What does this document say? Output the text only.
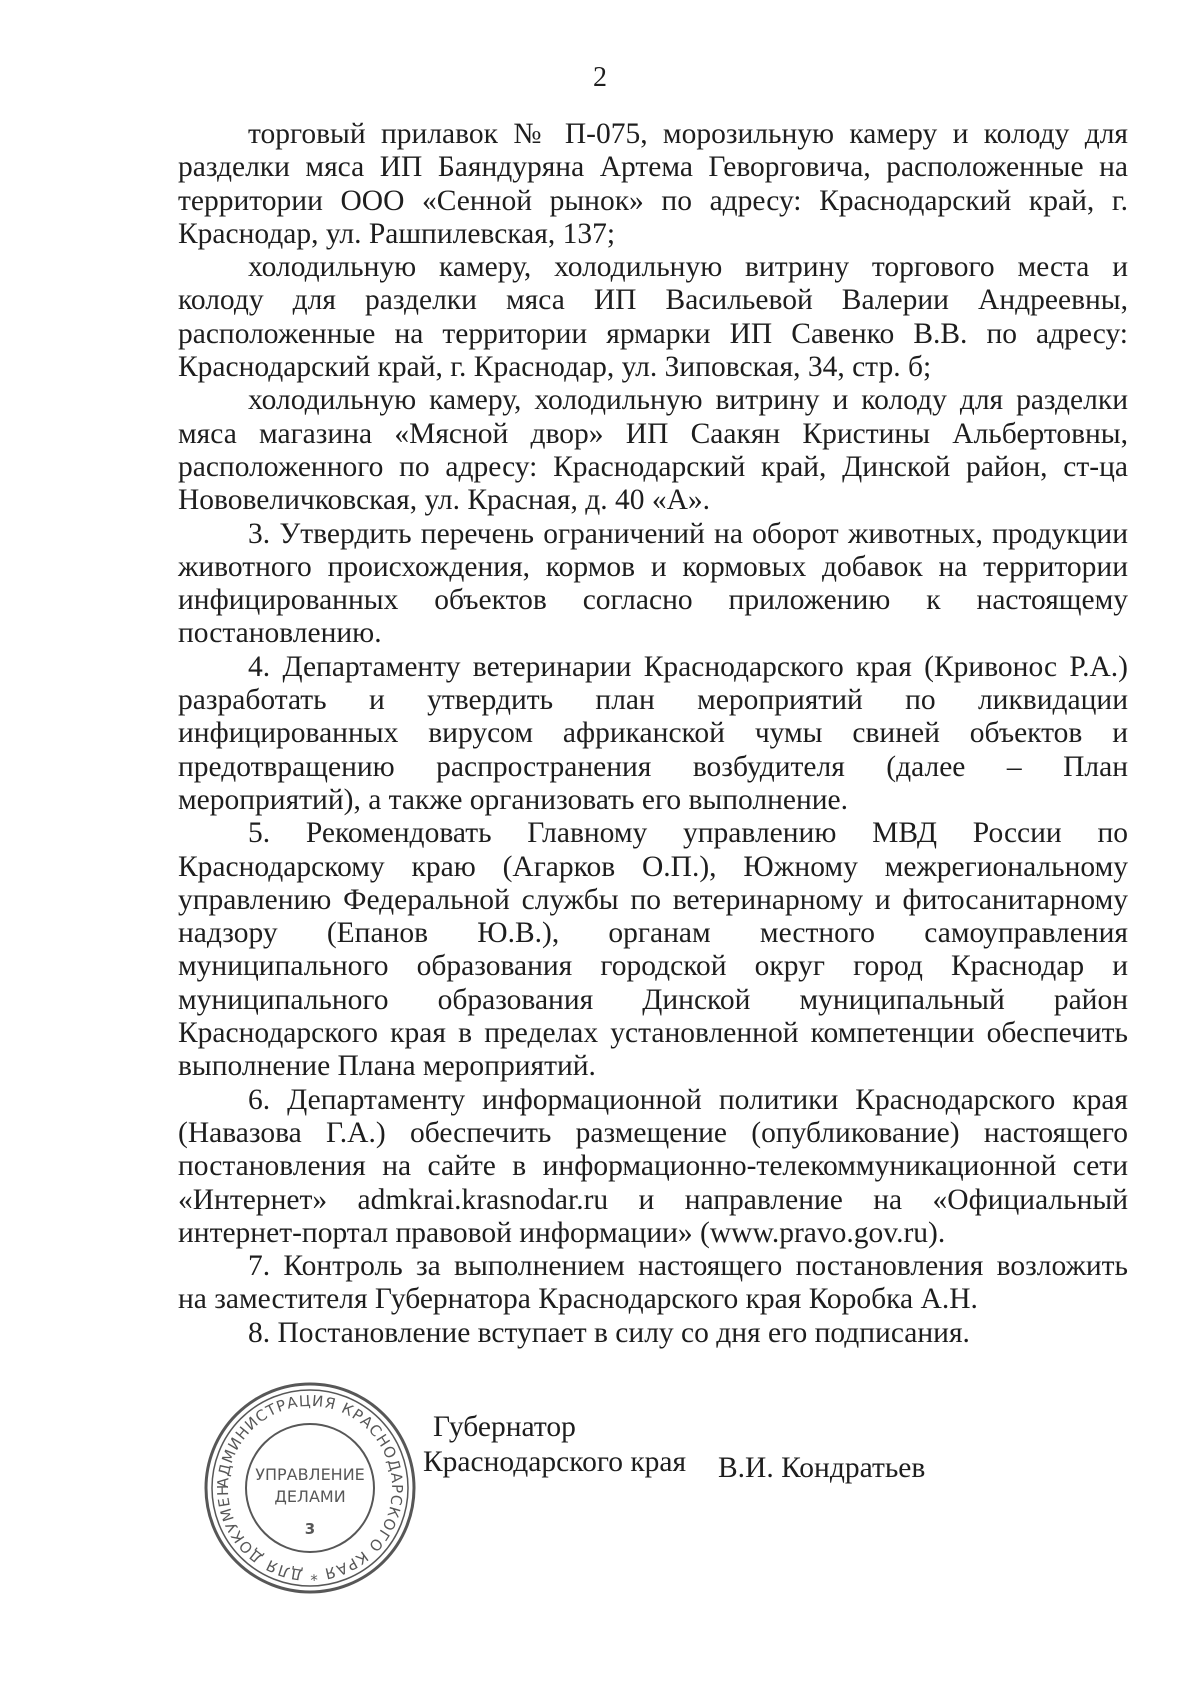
2

торговый прилавок № П-075, морозильную камеру и колоду для разделки мяса ИП Баяндуряна Артема Геворговича, расположенные на территории ООО «Сенной рынок» по адресу: Краснодарский край, г. Краснодар, ул. Рашпилевская, 137;

холодильную камеру, холодильную витрину торгового места и колоду для разделки мяса ИП Васильевой Валерии Андреевны, расположенные на территории ярмарки ИП Савенко В.В. по адресу: Краснодарский край, г. Краснодар, ул. Зиповская, 34, стр. б;

холодильную камеру, холодильную витрину и колоду для разделки мяса магазина «Мясной двор» ИП Саакян Кристины Альбертовны, расположенного по адресу: Краснодарский край, Динской район, ст-ца Нововеличковская, ул. Красная, д. 40 «А».

3. Утвердить перечень ограничений на оборот животных, продукции животного происхождения, кормов и кормовых добавок на территории инфицированных объектов согласно приложению к настоящему постановлению.

4. Департаменту ветеринарии Краснодарского края (Кривонос Р.А.) разработать и утвердить план мероприятий по ликвидации инфицированных вирусом африканской чумы свиней объектов и предотвращению распространения возбудителя (далее – План мероприятий), а также организовать его выполнение.

5. Рекомендовать Главному управлению МВД России по Краснодарскому краю (Агарков О.П.), Южному межрегиональному управлению Федеральной службы по ветеринарному и фитосанитарному надзору (Епанов Ю.В.), органам местного самоуправления муниципального образования городской округ город Краснодар и муниципального образования Динской муниципальный район Краснодарского края в пределах установленной компетенции обеспечить выполнение Плана мероприятий.

6. Департаменту информационной политики Краснодарского края (Навазова Г.А.) обеспечить размещение (опубликование) настоящего постановления на сайте в информационно-телекоммуникационной сети «Интернет» admkrai.krasnodar.ru и направление на «Официальный интернет-портал правовой информации» (www.pravo.gov.ru).

7. Контроль за выполнением настоящего постановления возложить на заместителя Губернатора Краснодарского края Коробка А.Н.

8. Постановление вступает в силу со дня его подписания.

АДМИНИСТРАЦИЯ КРАСНОДАРСКОГО КРАЯ * ДЛЯ ДОКУМЕН
УПРАВЛЕНИЕ
ДЕЛАМИ
3
Губернатор
Краснодарского края В.И. Кондратьев
